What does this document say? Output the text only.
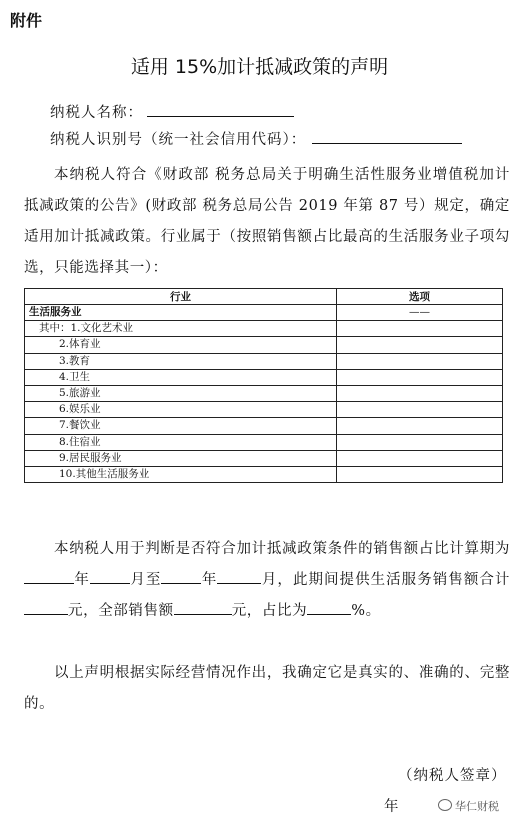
附件
适用 15%加计抵减政策的声明
纳税人名称：
纳税人识别号（统一社会信用代码）：
本纳税人符合《财政部 税务总局关于明确生活性服务业增值税加计抵减政策的公告》(财政部 税务总局公告 2019 年第 87 号）规定，确定适用加计抵减政策。行业属于（按照销售额占比最高的生活服务业子项勾选，只能选择其一）：
行业	选项
生活服务业	——
其中：1.文化艺术业	
2.体育业	
3.教育	
4.卫生	
5.旅游业	
6.娱乐业	
7.餐饮业	
8.住宿业	
9.居民服务业	
10.其他生活服务业	
本纳税人用于判断是否符合加计抵减政策条件的销售额占比计算期为年	月至	年	月，此期间提供生活服务销售额合计元，全部销售额	元，占比为	%。
以上声明根据实际经营情况作出，我确定它是真实的、准确的、完整的。
（纳税人签章）
年	华仁财税
